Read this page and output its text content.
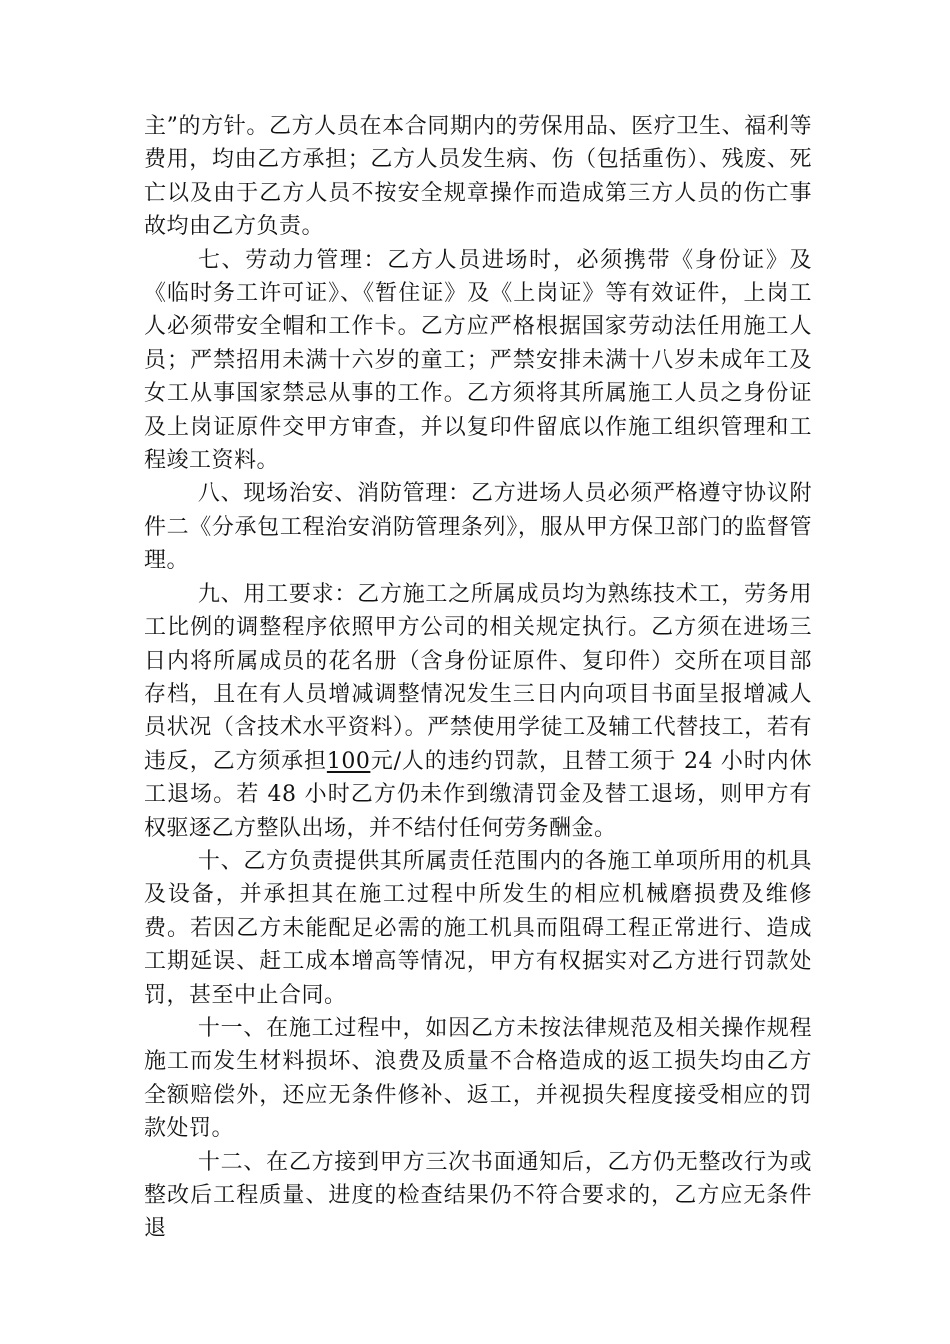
主”的方针。乙方人员在本合同期内的劳保用品、医疗卫生、福利等费用，均由乙方承担；乙方人员发生病、伤（包括重伤）、残废、死亡以及由于乙方人员不按安全规章操作而造成第三方人员的伤亡事故均由乙方负责。

七、劳动力管理：乙方人员进场时，必须携带《身份证》及《临时务工许可证》、《暂住证》及《上岗证》等有效证件，上岗工人必须带安全帽和工作卡。乙方应严格根据国家劳动法任用施工人员；严禁招用未满十六岁的童工；严禁安排未满十八岁未成年工及女工从事国家禁忌从事的工作。乙方须将其所属施工人员之身份证及上岗证原件交甲方审查，并以复印件留底以作施工组织管理和工程竣工资料。

八、现场治安、消防管理：乙方进场人员必须严格遵守协议附件二《分承包工程治安消防管理条列》，服从甲方保卫部门的监督管理。

九、用工要求：乙方施工之所属成员均为熟练技术工，劳务用工比例的调整程序依照甲方公司的相关规定执行。乙方须在进场三日内将所属成员的花名册（含身份证原件、复印件）交所在项目部存档，且在有人员增减调整情况发生三日内向项目书面呈报增减人员状况（含技术水平资料）。严禁使用学徒工及辅工代替技工，若有违反，乙方须承担100元/人的违约罚款，且替工须于 24 小时内休工退场。若 48 小时乙方仍未作到缴清罚金及替工退场，则甲方有权驱逐乙方整队出场，并不结付任何劳务酬金。

十、乙方负责提供其所属责任范围内的各施工单项所用的机具及设备，并承担其在施工过程中所发生的相应机械磨损费及维修费。若因乙方未能配足必需的施工机具而阻碍工程正常进行、造成工期延误、赶工成本增高等情况，甲方有权据实对乙方进行罚款处罚，甚至中止合同。

十一、在施工过程中，如因乙方未按法律规范及相关操作规程施工而发生材料损坏、浪费及质量不合格造成的返工损失均由乙方全额赔偿外，还应无条件修补、返工，并视损失程度接受相应的罚款处罚。

十二、在乙方接到甲方三次书面通知后，乙方仍无整改行为或整改后工程质量、进度的检查结果仍不符合要求的，乙方应无条件退
